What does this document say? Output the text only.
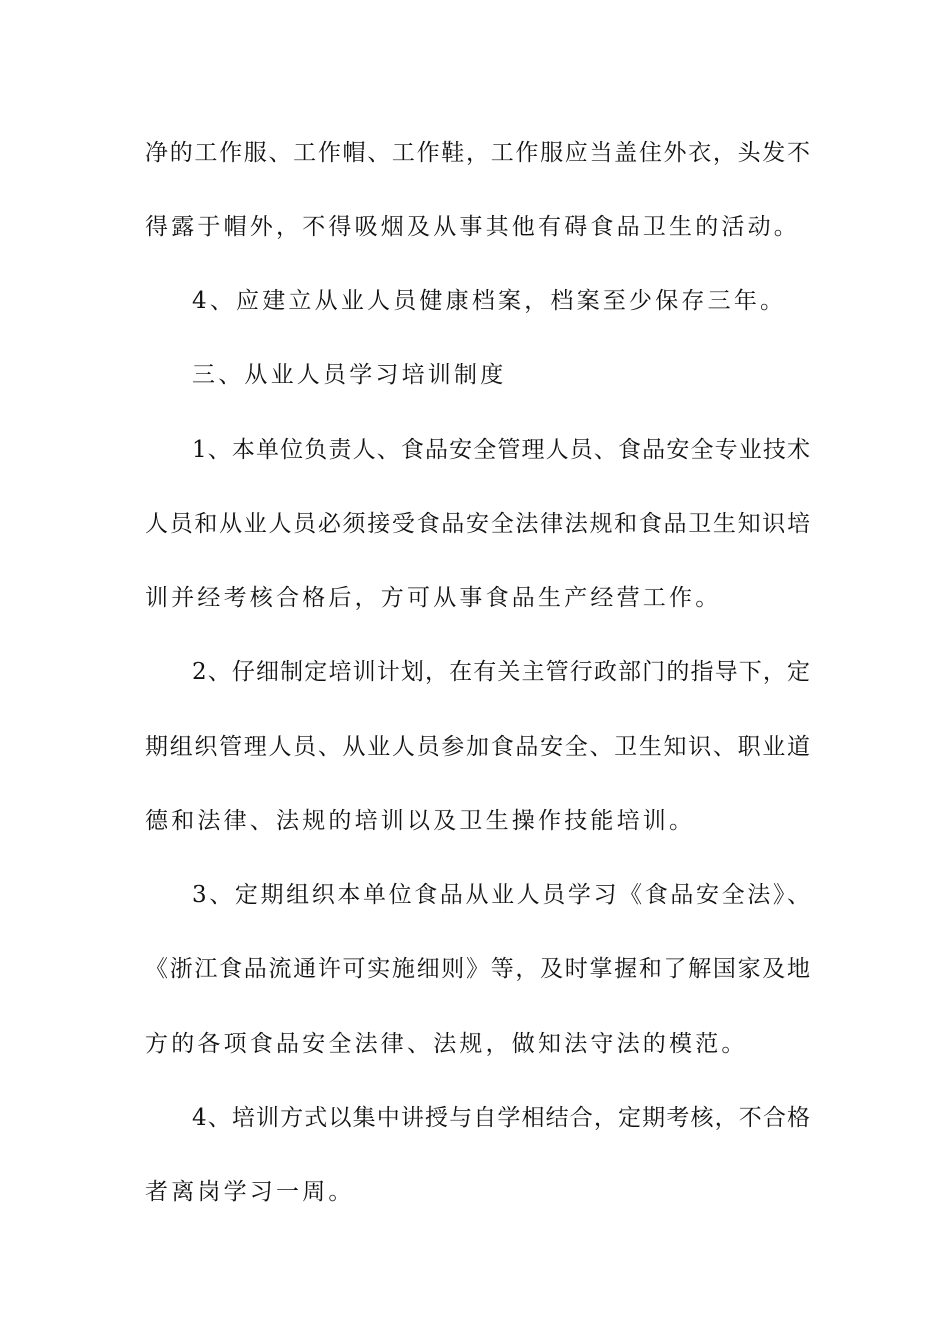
净的工作服、工作帽、工作鞋，工作服应当盖住外衣，头发不
得露于帽外，不得吸烟及从事其他有碍食品卫生的活动。
4、应建立从业人员健康档案，档案至少保存三年。
三、从业人员学习培训制度
1、本单位负责人、食品安全管理人员、食品安全专业技术
人员和从业人员必须接受食品安全法律法规和食品卫生知识培
训并经考核合格后，方可从事食品生产经营工作。
2、仔细制定培训计划，在有关主管行政部门的指导下，定
期组织管理人员、从业人员参加食品安全、卫生知识、职业道
德和法律、法规的培训以及卫生操作技能培训。
3、定期组织本单位食品从业人员学习《食品安全法》、
《浙江食品流通许可实施细则》等，及时掌握和了解国家及地
方的各项食品安全法律、法规，做知法守法的模范。
4、培训方式以集中讲授与自学相结合，定期考核，不合格
者离岗学习一周。
